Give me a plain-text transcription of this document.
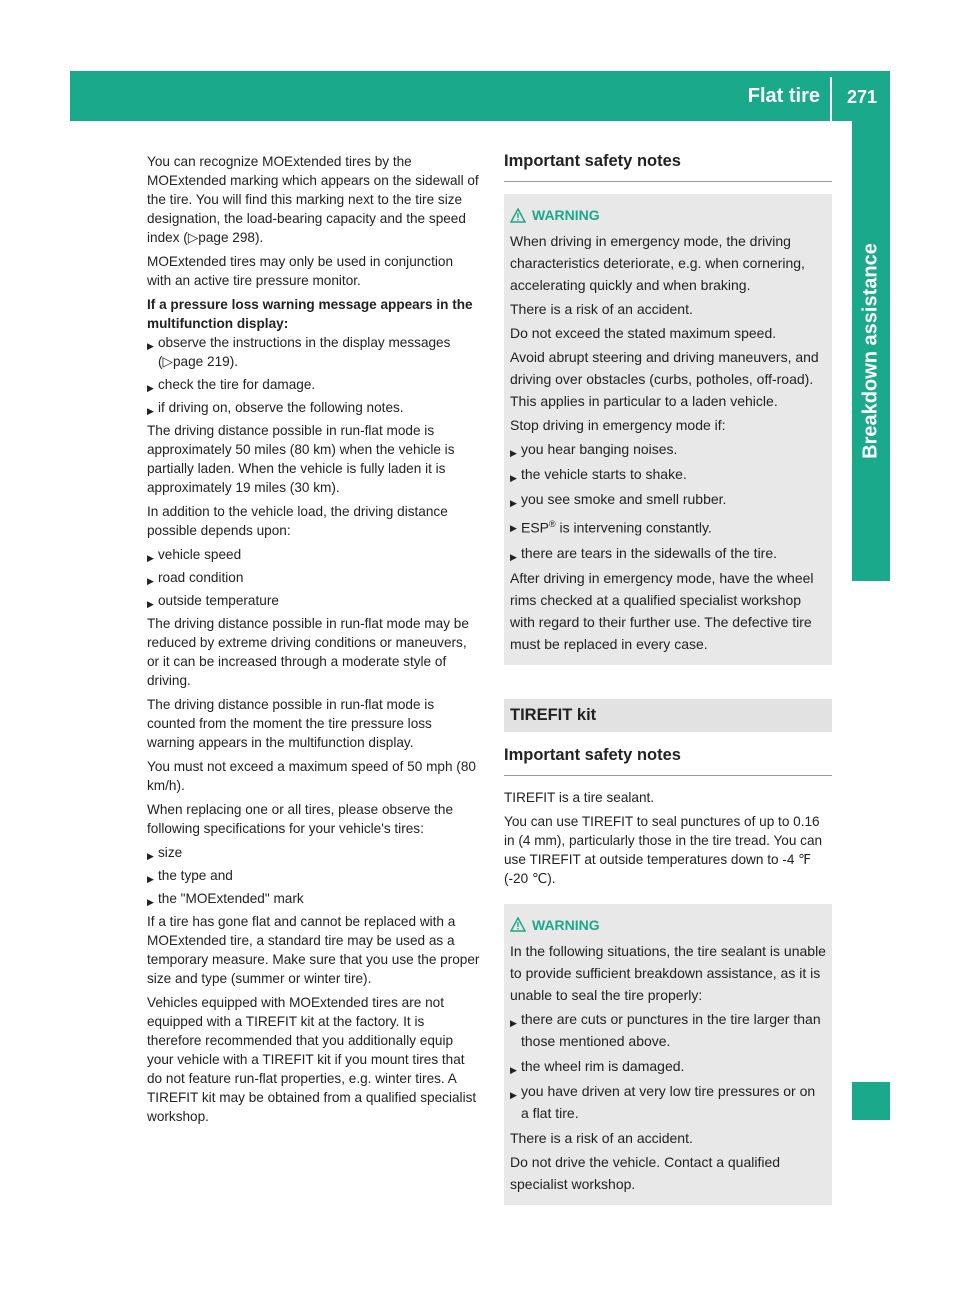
Flat tire	271
Breakdown assistance

You can recognize MOExtended tires by the MOExtended marking which appears on the sidewall of the tire. You will find this marking next to the tire size designation, the load-bearing capacity and the speed index (▷page 298).

MOExtended tires may only be used in conjunction with an active tire pressure monitor.

If a pressure loss warning message appears in the multifunction display:

▶ observe the instructions in the display messages (▷page 219).
▶ check the tire for damage.
▶ if driving on, observe the following notes.

The driving distance possible in run-flat mode is approximately 50 miles (80 km) when the vehicle is partially laden. When the vehicle is fully laden it is approximately 19 miles (30 km).

In addition to the vehicle load, the driving distance possible depends upon:

▶ vehicle speed
▶ road condition
▶ outside temperature

The driving distance possible in run-flat mode may be reduced by extreme driving conditions or maneuvers, or it can be increased through a moderate style of driving.

The driving distance possible in run-flat mode is counted from the moment the tire pressure loss warning appears in the multifunction display.

You must not exceed a maximum speed of 50 mph (80 km/h).

When replacing one or all tires, please observe the following specifications for your vehicle's tires:

▶ size
▶ the type and
▶ the "MOExtended" mark

If a tire has gone flat and cannot be replaced with a MOExtended tire, a standard tire may be used as a temporary measure. Make sure that you use the proper size and type (summer or winter tire).

Vehicles equipped with MOExtended tires are not equipped with a TIREFIT kit at the factory. It is therefore recommended that you additionally equip your vehicle with a TIREFIT kit if you mount tires that do not feature run-flat properties, e.g. winter tires. A TIREFIT kit may be obtained from a qualified specialist workshop.

Important safety notes

WARNING

When driving in emergency mode, the driving characteristics deteriorate, e.g. when cornering, accelerating quickly and when braking.

There is a risk of an accident.

Do not exceed the stated maximum speed.

Avoid abrupt steering and driving maneuvers, and driving over obstacles (curbs, potholes, off-road). This applies in particular to a laden vehicle.

Stop driving in emergency mode if:

▶ you hear banging noises.
▶ the vehicle starts to shake.
▶ you see smoke and smell rubber.
▶ ESP® is intervening constantly.
▶ there are tears in the sidewalls of the tire.

After driving in emergency mode, have the wheel rims checked at a qualified specialist workshop with regard to their further use. The defective tire must be replaced in every case.

TIREFIT kit
Important safety notes

TIREFIT is a tire sealant.

You can use TIREFIT to seal punctures of up to 0.16 in (4 mm), particularly those in the tire tread. You can use TIREFIT at outside temperatures down to -4 ℉ (-20 ℃).

WARNING

In the following situations, the tire sealant is unable to provide sufficient breakdown assistance, as it is unable to seal the tire properly:

▶ there are cuts or punctures in the tire larger than those mentioned above.
▶ the wheel rim is damaged.
▶ you have driven at very low tire pressures or on a flat tire.

There is a risk of an accident.

Do not drive the vehicle. Contact a qualified specialist workshop.
